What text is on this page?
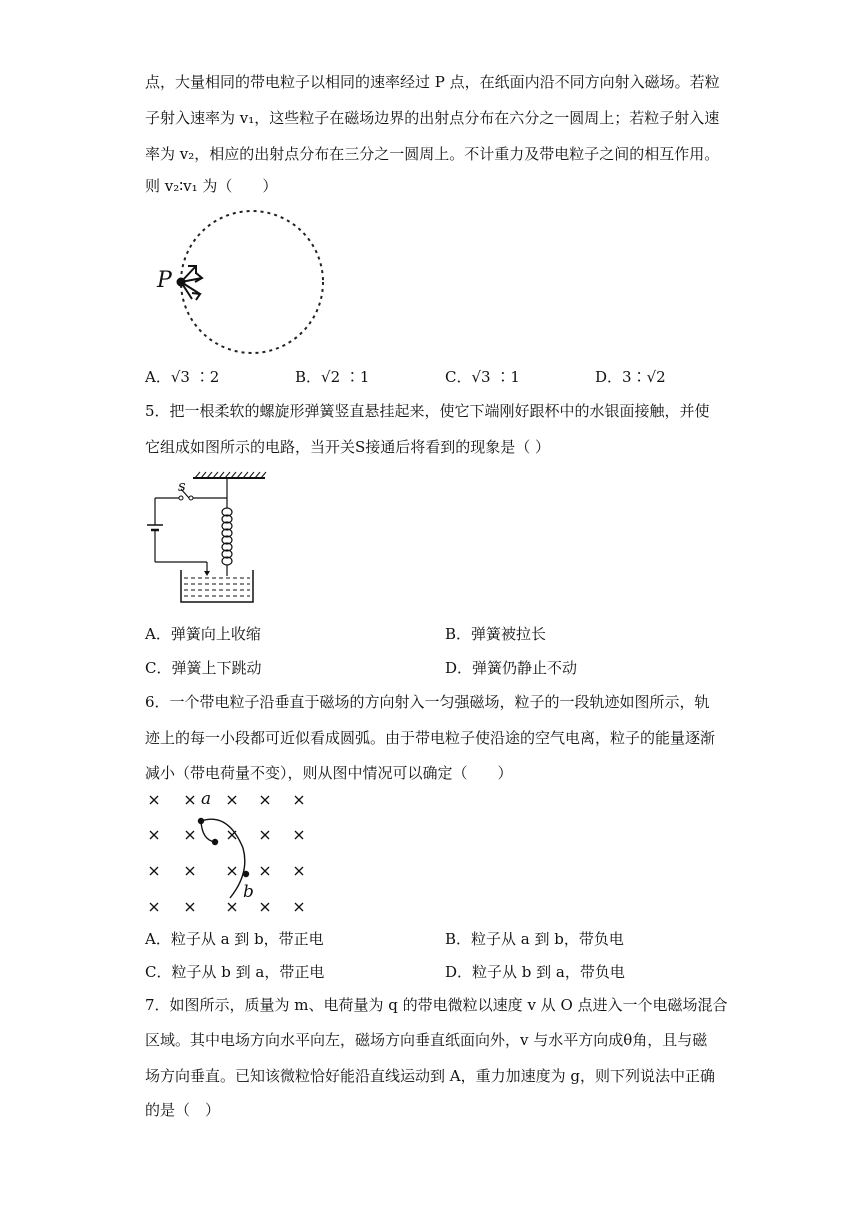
点，大量相同的带电粒子以相同的速率经过 P 点，在纸面内沿不同方向射入磁场。若粒
子射入速率为 v₁，这些粒子在磁场边界的出射点分布在六分之一圆周上；若粒子射入速
率为 v₂，相应的出射点分布在三分之一圆周上。不计重力及带电粒子之间的相互作用。
则 v₂∶v₁ 为（　　）
P
A．√3 ∶2	B．√2 ∶1	C．√3 ∶1	D．3∶√2
5．把一根柔软的螺旋形弹簧竖直悬挂起来，使它下端刚好跟杯中的水银面接触，并使
它组成如图所示的电路，当开关S接通后将看到的现象是（ ）
s
A．弹簧向上收缩	B．弹簧被拉长
C．弹簧上下跳动	D．弹簧仍静止不动
6．一个带电粒子沿垂直于磁场的方向射入一匀强磁场，粒子的一段轨迹如图所示，轨
迹上的每一小段都可近似看成圆弧。由于带电粒子使沿途的空气电离，粒子的能量逐渐
减小（带电荷量不变），则从图中情况可以确定（　　）
a
b
A．粒子从 a 到 b，带正电	B．粒子从 a 到 b，带负电
C．粒子从 b 到 a，带正电	D．粒子从 b 到 a，带负电
7．如图所示，质量为 m、电荷量为 q 的带电微粒以速度 v 从 O 点进入一个电磁场混合
区域。其中电场方向水平向左，磁场方向垂直纸面向外，v 与水平方向成θ角，且与磁
场方向垂直。已知该微粒恰好能沿直线运动到 A，重力加速度为 g，则下列说法中正确
的是（　）
